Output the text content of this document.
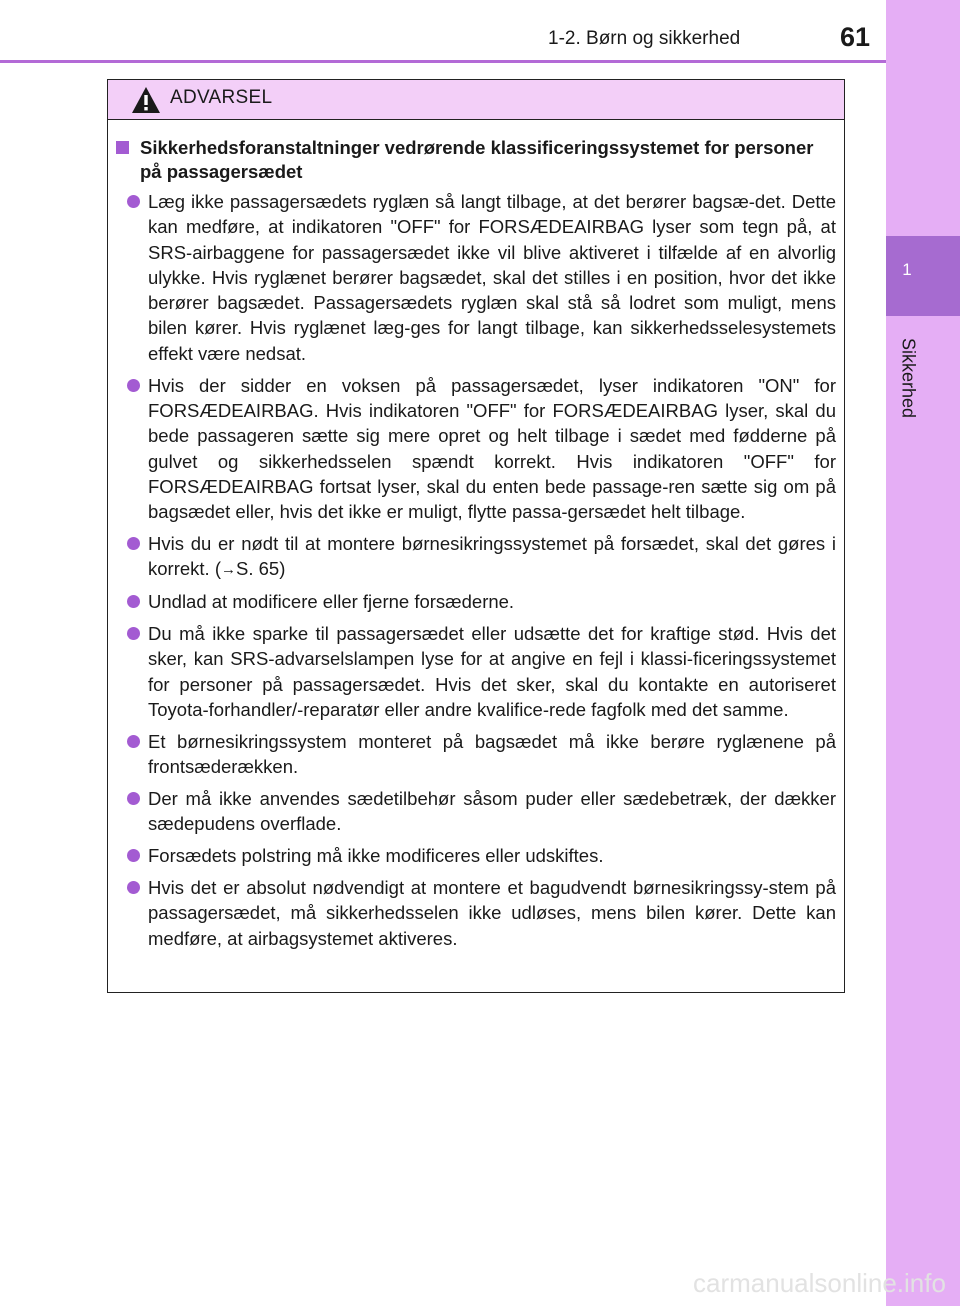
1
Sikkerhed
1-2. Børn og sikkerhed	61
ADVARSEL
Sikkerhedsforanstaltninger vedrørende klassificeringssystemet for personer på passagersædet
Læg ikke passagersædets ryglæn så langt tilbage, at det berører bagsæ-det. Dette kan medføre, at indikatoren "OFF" for FORSÆDEAIRBAG lyser som tegn på, at SRS-airbaggene for passagersædet ikke vil blive aktiveret i tilfælde af en alvorlig ulykke. Hvis ryglænet berører bagsædet, skal det stilles i en position, hvor det ikke berører bagsædet. Passagersædets ryglæn skal stå så lodret som muligt, mens bilen kører. Hvis ryglænet læg-ges for langt tilbage, kan sikkerhedsselesystemets effekt være nedsat.
Hvis der sidder en voksen på passagersædet, lyser indikatoren "ON" for FORSÆDEAIRBAG. Hvis indikatoren "OFF" for FORSÆDEAIRBAG lyser, skal du bede passageren sætte sig mere opret og helt tilbage i sædet med fødderne på gulvet og sikkerhedsselen spændt korrekt. Hvis indikatoren "OFF" for FORSÆDEAIRBAG fortsat lyser, skal du enten bede passage-ren sætte sig om på bagsædet eller, hvis det ikke er muligt, flytte passa-gersædet helt tilbage.
Hvis du er nødt til at montere børnesikringssystemet på forsædet, skal det gøres i korrekt. (→S. 65)
Undlad at modificere eller fjerne forsæderne.
Du må ikke sparke til passagersædet eller udsætte det for kraftige stød. Hvis det sker, kan SRS-advarselslampen lyse for at angive en fejl i klassi-ficeringssystemet for personer på passagersædet. Hvis det sker, skal du kontakte en autoriseret Toyota-forhandler/-reparatør eller andre kvalifice-rede fagfolk med det samme.
Et børnesikringssystem monteret på bagsædet må ikke berøre ryglænene på frontsæderækken.
Der må ikke anvendes sædetilbehør såsom puder eller sædebetræk, der dækker sædepudens overflade.
Forsædets polstring må ikke modificeres eller udskiftes.
Hvis det er absolut nødvendigt at montere et bagudvendt børnesikringssy-stem på passagersædet, må sikkerhedsselen ikke udløses, mens bilen kører. Dette kan medføre, at airbagsystemet aktiveres.
carmanualsonline.info
